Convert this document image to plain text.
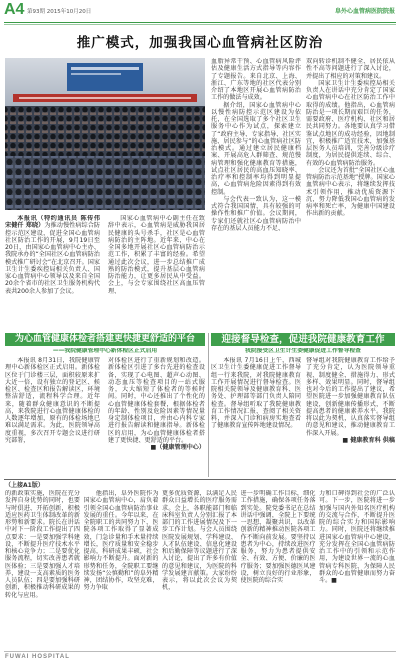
A4 第93期 2015年10月20日	阜外心血管病医院院报
推广模式，加强我国心血管病社区防治

本报讯（特约通讯员 陈传伟 宋健仟 郑晓）为推动慢性病综合防控示范区建设，促进全国心血管病社区防治工作的开展，9月19日至20日，由国家心血管病中心主办、我院承办的“全国社区心血管病防治模式推广研讨会”在北京召开。国家卫生计生委疾控局相关负责人、国家心血管病中心领导以及来自全国20余个省市的社区卫生服务机构代表共200余人参加了会议。

国家心血管病中心副主任在致辞中表示，心血管病是威胁我国居民健康的头号杀手，社区是心血管病防治的主阵地。近年来，中心在全国多地开展社区心血管病防治示范工作，积累了丰富的经验。希望通过此次会议，进一步总结推广成熟的防治模式，提升基层心血管病防治能力，让更多居民从中受益。会上，与会专家围绕社区高血压管理、

血脂异常干预、心血管病风险评估及健康生活方式指导等内容作了专题报告。来自北京、上海、浙江、广东等地的社区代表分别介绍了本地区开展心血管病防治工作的做法与成效。

据介绍，国家心血管病中心以慢性病防控示范区建设为依托，在全国选取了多个社区卫生服务中心作为试点，探索建立了“政府主导、专家指导、社区实施、居民参与”的心血管病社区防治模式。通过建立居民健康档案、开展高危人群筛查、规范慢病管理和强化健康教育等措施，试点社区居民的高血压知晓率、治疗率和控制率均得到明显提高，心血管病危险因素得到有效控制。

与会代表一致认为，这一模式符合我国国情，具有较强的可操作性和推广价值。会议期间，专家们还就社区心血管病防治中存在的基层人员能力不足、

双向转诊机制不健全、居民依从性不高等问题进行了深入讨论，并提出了相应的对策和建议。

国家卫生计生委疾控局相关负责人在讲话中充分肯定了国家心血管病中心在社区防治工作中取得的成绩。他指出，心血管病防治是一项长期而艰巨的任务，需要政府、医疗机构、社区和居民共同努力。各地要认真学习借鉴试点地区的成功经验，因地制宜，积极推广适宜技术，加强基层医务人员培训，完善分级诊疗制度，为居民提供连续、综合、有效的心血管病防治服务。

会议还为首批“全国社区心血管病防治示范基地”授牌。国家心血管病中心表示，将继续发挥技术引领作用，推动优质资源下沉，努力降低我国心血管病的发病率和死亡率，为健康中国建设作出新的贡献。

为心血管健康体检者搭建更快捷更舒适的平台
——我院健康管理中心新体检区正式启用

本报讯 8月31日，我院健康管理中心新体检区正式启用。新体检区位于门诊楼三层，面积较原来扩大近一倍，设有独立的登记区、候检区、检查区和报告解读区，环境整洁舒适，流程科学合理。近年来，随着群众健康意识的不断提高，来我院进行心血管健康体检的人数逐年增加，原有的体检场地已难以满足需求。为此，医院领导高度重视，多次召开专题会议进行研究部署，

对体检区进行了重新规划和改造。新体检区引进了多台先进的检查设备，实现了心电图、超声心动图、动态血压等检查项目的一站式服务，大大缩短了体检者的等候时间。同时，中心还推出了个性化的心血管健康体检套餐，根据体检者的年龄、性别及危险因素等情况量身定制体检项目，并由心内科专家进行报告解读和健康指导。新体检区的启用，为心血管健康体检者搭建了更快捷、更舒适的平台。

■（健康管理中心）

迎接督导检查，促进我院健康教育工作
我院接受区卫生计生委健康促进工作督导检查

本报讯 7月16日上午，西城区卫生计生委健康促进工作督导组一行来我院，对我院健康教育工作开展情况进行督导检查。医院相关院领导及健康教育科、医务处、护理部等部门负责人陪同检查。督导组听取了我院健康教育工作情况汇报，查阅了相关资料，并深入门诊和病房实地查看了健康教育宣传阵地建设情况。

督导组对我院健康教育工作给予了充分肯定，认为医院领导重视、制度健全、措施得力、形式多样、效果明显。同时，督导组也对今后的工作提出了建议，希望医院进一步加强健康教育队伍建设，创新健康传播形式，不断提高患者的健康素养水平。我院将以此为契机，认真落实督导组的意见和建议，推动健康教育工作深入开展。

■ 健康教育科 供稿

（上接A1版）

的新政策实施，医院在充分发挥自身优势的同时，也要与时俱进、开拓创新，积极适应医药卫生体制改革的新形势和新要求。院长在讲话中对下一阶段工作提出了四点要求：一是要加强学科建设，不断提升医疗技术水平和核心竞争力；二是要优化服务流程，切实改善患者就医体验；三是要加强人才培养，建设一支高素质的医务人员队伍；四是要加强科研创新，积极推动科研成果的转化与应用。

他指出，阜外医院作为国家心血管病中心，肩负着引领全国心血管病防治事业发展的重任。今年以来，在全院职工的共同努力下，医院各项工作取得了显著成效，门急诊量和手术量持续增长，医疗质量和安全稳步提高，科研成果丰硕，社会影响力不断提升。面对新的形势和任务，全院职工要继续发扬“公慎勤和”的阜外精神，团结协作，攻坚克难，努力争取

更多优质资源，以满足人民群众日益增长的医疗服务需求。会上，各职能部门和临床科室负责人分别汇报了本部门的工作进展情况及下一步工作计划。与会人员围绕医院发展规划、学科建设、人才队伍建设、信息化建设和后勤保障等议题进行了深入讨论，提出了许多有价值的意见和建议，为医院的科学发展建言献策。大家纷纷表示，将以此次会议为契机，

进一步明确工作目标，细化工作措施，确保各项任务落到实处。院党委书记在总结讲话中强调，全院上下要统一思想、凝聚共识，以改革创新的精神推动医院各项工作不断向前发展。要坚持以患者为中心，持续改进医疗服务，努力为患者提供安全、有效、方便、价廉的医疗服务；要加强医德医风建设，树立良好的行业形象，使医院的综合实

力和口碑得到社会的广泛认可。下一步，医院将进一步加强与国内外知名医疗机构的交流与合作，不断提升医院的综合实力和国际影响力。同时，医院还将继续推进国家心血管病中心建设，充分发挥在全国心血管病防治工作中的引领和示范作用，为建设世界一流的心血管病专科医院、为保障人民群众的心血管健康而努力奋斗。■

FUWAI HOSPITAL
